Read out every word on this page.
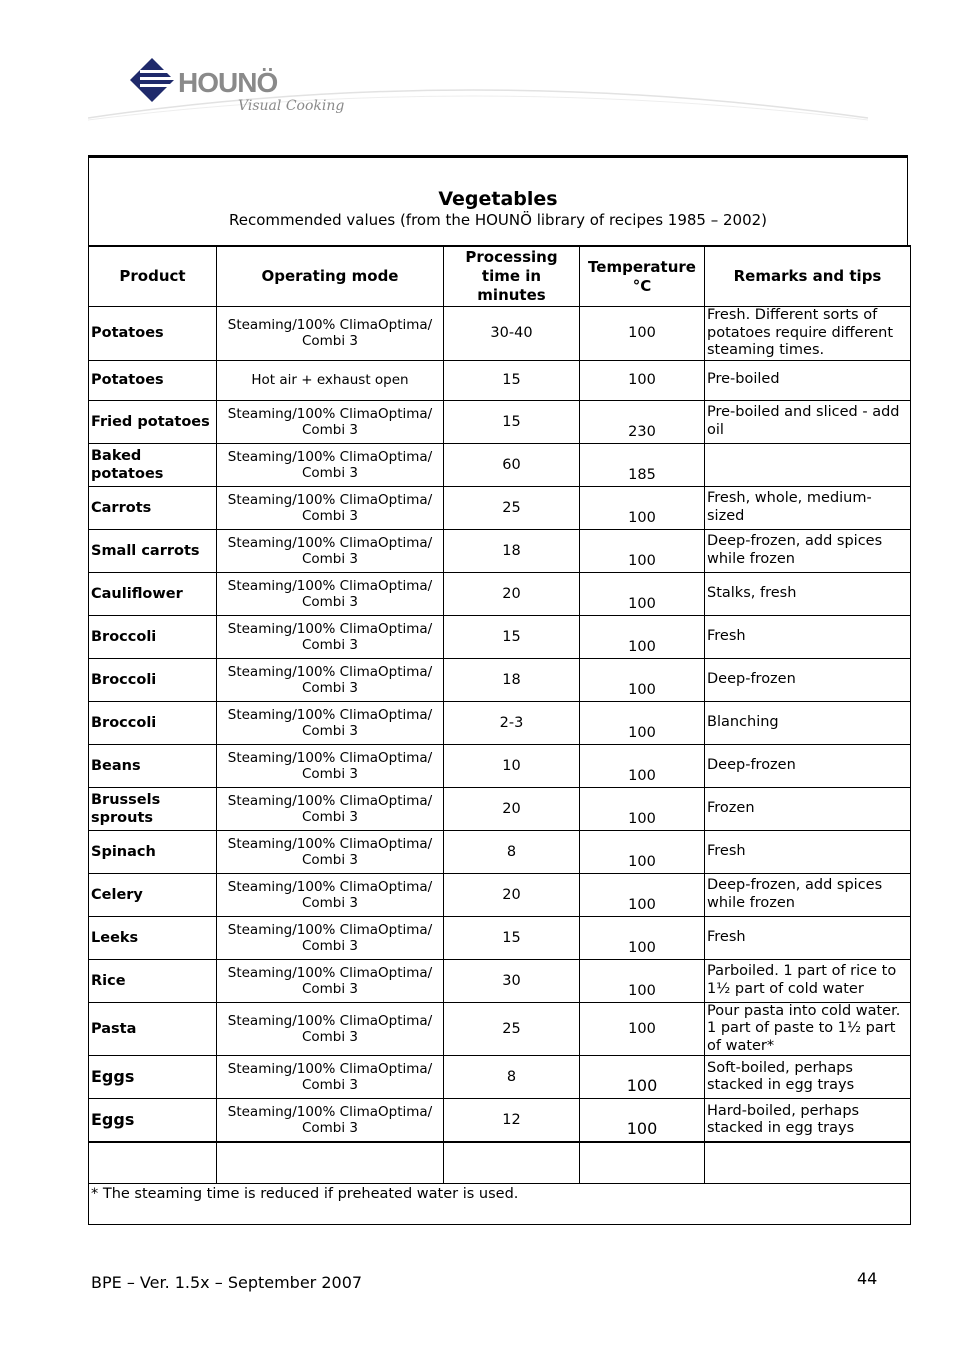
HOUNÖ
Visual Cooking
Vegetables
Recommended values (from the HOUNÖ library of recipes 1985 – 2002)
Product	Operating mode	Processing time in minutes	Temperature °C	Remarks and tips
Potatoes	Steaming/100% ClimaOptima/ Combi 3	30-40	100	Fresh. Different sorts of potatoes require different steaming times.
Potatoes	Hot air + exhaust open	15	100	Pre-boiled
Fried potatoes	Steaming/100% ClimaOptima/ Combi 3	15	230	Pre-boiled and sliced - add oil
Baked potatoes	Steaming/100% ClimaOptima/ Combi 3	60	185	
Carrots	Steaming/100% ClimaOptima/ Combi 3	25	100	Fresh, whole, medium-sized
Small carrots	Steaming/100% ClimaOptima/ Combi 3	18	100	Deep-frozen, add spices while frozen
Cauliflower	Steaming/100% ClimaOptima/ Combi 3	20	100	Stalks, fresh
Broccoli	Steaming/100% ClimaOptima/ Combi 3	15	100	Fresh
Broccoli	Steaming/100% ClimaOptima/ Combi 3	18	100	Deep-frozen
Broccoli	Steaming/100% ClimaOptima/ Combi 3	2-3	100	Blanching
Beans	Steaming/100% ClimaOptima/ Combi 3	10	100	Deep-frozen
Brussels sprouts	Steaming/100% ClimaOptima/ Combi 3	20	100	Frozen
Spinach	Steaming/100% ClimaOptima/ Combi 3	8	100	Fresh
Celery	Steaming/100% ClimaOptima/ Combi 3	20	100	Deep-frozen, add spices while frozen
Leeks	Steaming/100% ClimaOptima/ Combi 3	15	100	Fresh
Rice	Steaming/100% ClimaOptima/ Combi 3	30	100	Parboiled. 1 part of rice to 1½ part of cold water
Pasta	Steaming/100% ClimaOptima/ Combi 3	25	100	Pour pasta into cold water. 1 part of paste to 1½ part of water*
Eggs	Steaming/100% ClimaOptima/ Combi 3	8	100	Soft-boiled, perhaps stacked in egg trays
Eggs	Steaming/100% ClimaOptima/ Combi 3	12	100	Hard-boiled, perhaps stacked in egg trays

* The steaming time is reduced if preheated water is used.				
BPE – Ver. 1.5x – September 2007	44
